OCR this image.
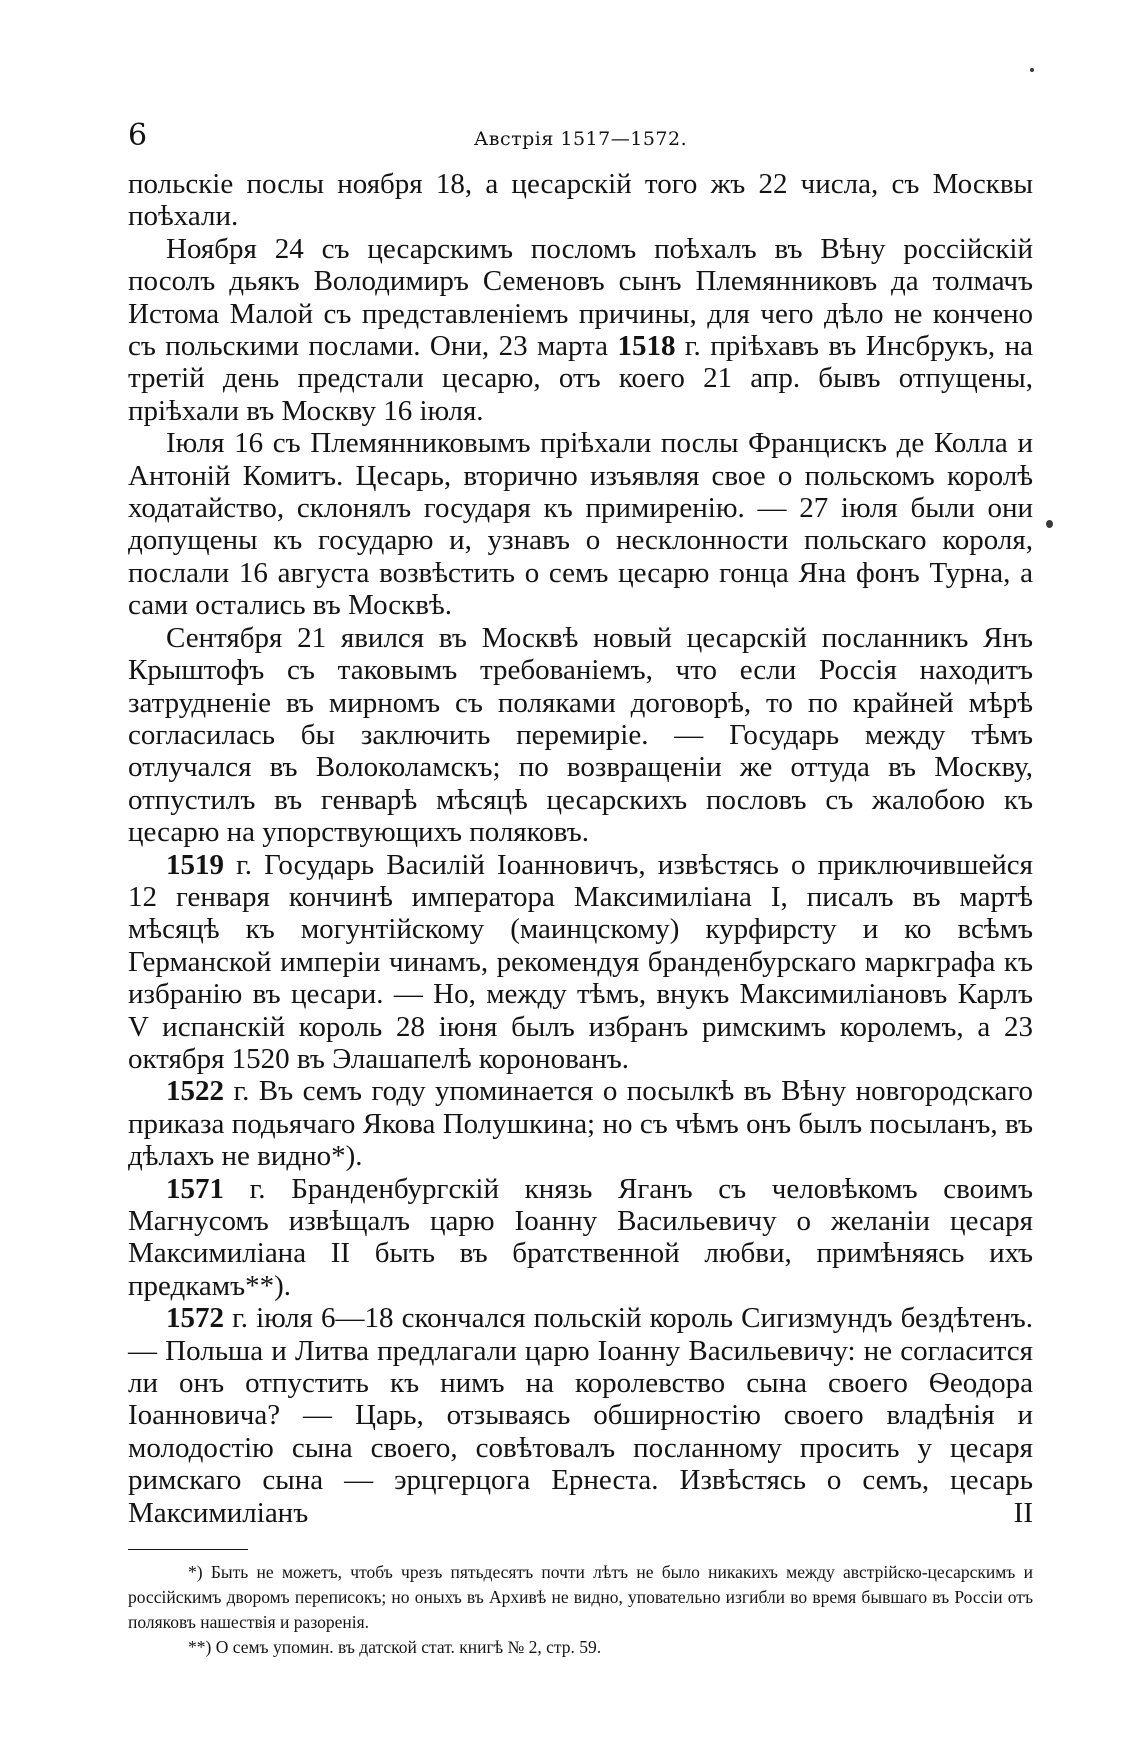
6	Австрія 1517—1572.

польскіе послы ноября 18, а цесарскій того жъ 22 числа, съ Москвы поѣхали.

Ноября 24 съ цесарскимъ посломъ поѣхалъ въ Вѣну россійскій посолъ дьякъ Володимиръ Семеновъ сынъ Племянниковъ да толмачъ Истома Малой съ представленіемъ причины, для чего дѣло не кончено съ польскими послами. Они, 23 марта 1518 г. пріѣхавъ въ Инсбрукъ, на третій день предстали цесарю, отъ коего 21 апр. бывъ отпущены, пріѣхали въ Москву 16 іюля.

Іюля 16 съ Племянниковымъ пріѣхали послы Францискъ де Колла и Антоній Комитъ. Цесарь, вторично изъявляя свое о польскомъ королѣ ходатайство, склонялъ государя къ примиренію. — 27 іюля были они допущены къ государю и, узнавъ о несклонности польскаго короля, послали 16 августа возвѣстить о семъ цесарю гонца Яна фонъ Турна, а сами остались въ Москвѣ.

Сентября 21 явился въ Москвѣ новый цесарскій посланникъ Янъ Крыштофъ съ таковымъ требованіемъ, что если Россія находитъ затрудненіе въ мирномъ съ поляками договорѣ, то по крайней мѣрѣ согласилась бы заключить перемиріе. — Государь между тѣмъ отлучался въ Волоколамскъ; по возвращеніи же оттуда въ Москву, отпустилъ въ генварѣ мѣсяцѣ цесарскихъ пословъ съ жалобою къ цесарю на упорствующихъ поляковъ.

1519 г. Государь Василій Іоанновичъ, извѣстясь о приключившейся 12 генваря кончинѣ императора Максимиліана I, писалъ въ мартѣ мѣсяцѣ къ могунтійскому (маинцскому) курфирсту и ко всѣмъ Германской имперіи чинамъ, рекомендуя бранденбурскаго маркграфа къ избранію въ цесари. — Но, между тѣмъ, внукъ Максимиліановъ Карлъ V испанскій король 28 іюня былъ избранъ римскимъ королемъ, а 23 октября 1520 въ Элашапелѣ коронованъ.

1522 г. Въ семъ году упоминается о посылкѣ въ Вѣну новгородскаго приказа подьячаго Якова Полушкина; но съ чѣмъ онъ былъ посыланъ, въ дѣлахъ не видно*).

1571 г. Бранденбургскій князь Яганъ съ человѣкомъ своимъ Магнусомъ извѣщалъ царю Іоанну Васильевичу о желаніи цесаря Максимиліана II быть въ братственной любви, примѣняясь ихъ предкамъ**).

1572 г. іюля 6—18 скончался польскій король Сигизмундъ бездѣтенъ. — Польша и Литва предлагали царю Іоанну Васильевичу: не согласится ли онъ отпустить къ нимъ на королевство сына своего Ѳеодора Іоанновича? — Царь, отзываясь обширностію своего владѣнія и молодостію сына своего, совѣтовалъ посланному просить у цесаря римскаго сына — эрцгерцога Ернеста. Извѣстясь о семъ, цесарь Максимиліанъ II

*) Быть не можетъ, чтобъ чрезъ пятьдесятъ почти лѣтъ не было никакихъ между австрійско-цесарскимъ и россійскимъ дворомъ переписокъ; но оныхъ въ Архивѣ не видно, уповательно изгибли во время бывшаго въ Россіи отъ поляковъ нашествія и разоренія.

**) О семъ упомин. въ датской стат. книгѣ № 2, стр. 59.
